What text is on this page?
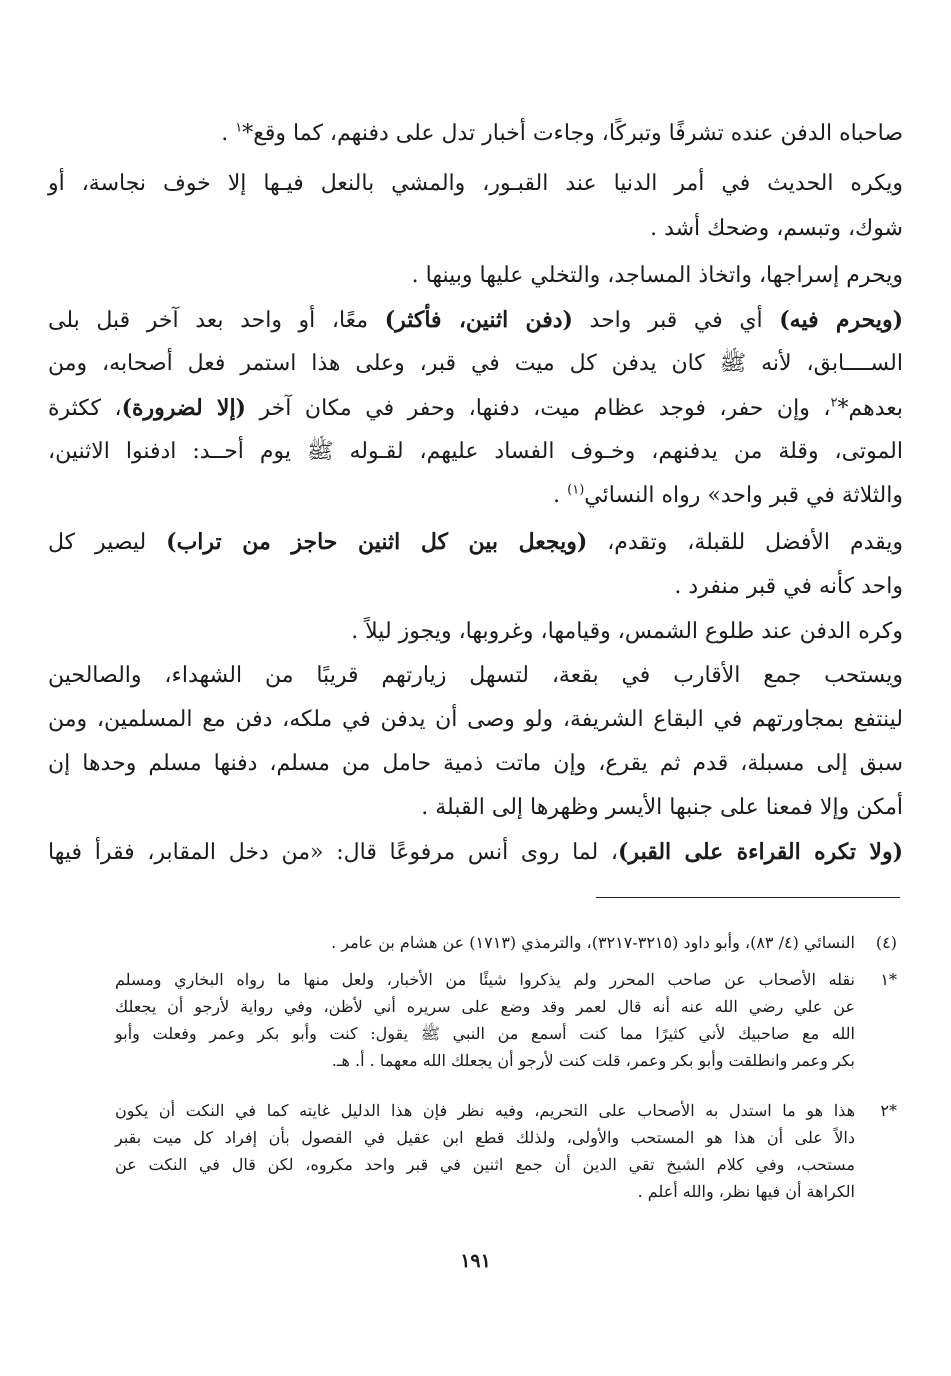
صاحباه الدفن عنده تشرفًا وتبركًا، وجاءت أخبار تدل على دفنهم، كما وقع*$^١$ .
ويكره الحديث في أمر الدنيا عند القبـور، والمشي بالنعل فيـها إلا خوف نجاسة، أو
شوك، وتبسم، وضحك أشد .
ويحرم إسراجها، واتخاذ المساجد، والتخلي عليها وبينها .
(ويحرم فيه) أي في قبر واحد (دفن اثنين، فأكثر) معًا، أو واحد بعد آخر قبل بلى
الســــابق، لأنه ﷺ كان يدفن كل ميت في قبر، وعلى هذا استمر فعل أصحابه، ومن
بعدهم*$^٢$، وإن حفر، فوجد عظام ميت، دفنها، وحفر في مكان آخر (إلا لضرورة)، ككثرة
الموتى، وقلة من يدفنهم، وخـوف الفساد عليهم، لقـوله ﷺ يوم أحــد: ادفنوا الاثنين،
والثلاثة في قبر واحد» رواه النسائي$^{(١)}$ .
ويقدم الأفضل للقبلة، وتقدم، (ويجعل بين كل اثنين حاجز من تراب) ليصير كل
واحد كأنه في قبر منفرد .
وكره الدفن عند طلوع الشمس، وقيامها، وغروبها، ويجوز ليلاً .
ويستحب جمع الأقارب في بقعة، لتسهل زيارتهم قريبًا من الشهداء، والصالحين
لينتفع بمجاورتهم في البقاع الشريفة، ولو وصى أن يدفن في ملكه، دفن مع المسلمين، ومن
سبق إلى مسبلة، قدم ثم يقرع، وإن ماتت ذمية حامل من مسلم، دفنها مسلم وحدها إن
أمكن وإلا فمعنا على جنبها الأيسر وظهرها إلى القبلة .
(ولا تكره القراءة على القبر)، لما روى أنس مرفوعًا قال: «من دخل المقابر، فقرأ فيها
(٤)
النسائي (٤/ ٨٣)، وأبو داود (٣٢١٥-٣٢١٧)، والترمذي (١٧١٣) عن هشام بن عامر .
*١
نقله الأصحاب عن صاحب المحرر ولم يذكروا شيئًا من الأخبار، ولعل منها ما رواه البخاري ومسلم
عن علي رضي الله عنه أنه قال لعمر وقد وضع على سريره أني لأظن، وفي رواية لأرجو أن يجعلك
الله مع صاحبيك لأني كثيرًا مما كنت أسمع من النبي ﷺ يقول: كنت وأبو بكر وعمر وفعلت وأبو
بكر وعمر وانطلقت وأبو بكر وعمر، قلت كنت لأرجو أن يجعلك الله معهما . أ. هـ.
*٢
هذا هو ما استدل به الأصحاب على التحريم، وفيه نظر فإن هذا الدليل غايته كما في النكت أن يكون
دالاً على أن هذا هو المستحب والأولى، ولذلك قطع ابن عقيل في الفصول بأن إفراد كل ميت بقبر
مستحب، وفي كلام الشيخ تقي الدين أن جمع اثنين في قبر واحد مكروه، لكن قال في النكت عن
الكراهة أن فيها نظر، والله أعلم .
١٩١
